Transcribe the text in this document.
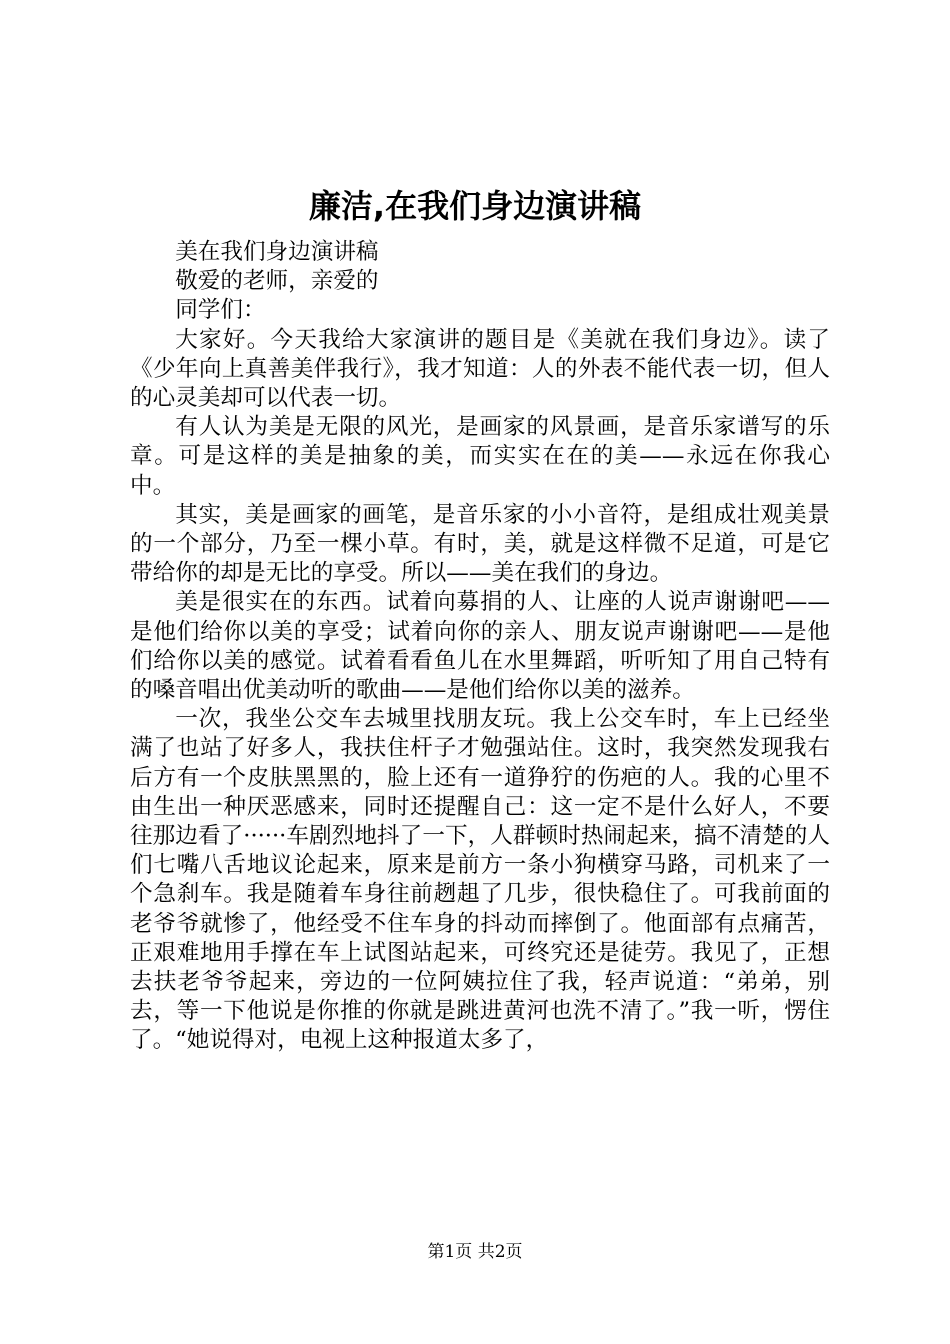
廉洁,在我们身边演讲稿

美在我们身边演讲稿

敬爱的老师，亲爱的

同学们：

大家好。今天我给大家演讲的题目是《美就在我们身边》。读了《少年向上真善美伴我行》，我才知道：人的外表不能代表一切，但人的心灵美却可以代表一切。

有人认为美是无限的风光，是画家的风景画，是音乐家谱写的乐章。可是这样的美是抽象的美，而实实在在的美——永远在你我心中。

其实，美是画家的画笔，是音乐家的小小音符，是组成壮观美景的一个部分，乃至一棵小草。有时，美，就是这样微不足道，可是它带给你的却是无比的享受。所以——美在我们的身边。

美是很实在的东西。试着向募捐的人、让座的人说声谢谢吧——是他们给你以美的享受；试着向你的亲人、朋友说声谢谢吧——是他们给你以美的感觉。试着看看鱼儿在水里舞蹈，听听知了用自己特有的嗓音唱出优美动听的歌曲——是他们给你以美的滋养。

一次，我坐公交车去城里找朋友玩。我上公交车时，车上已经坐满了也站了好多人，我扶住杆子才勉强站住。这时，我突然发现我右后方有一个皮肤黑黑的，脸上还有一道狰狞的伤疤的人。我的心里不由生出一种厌恶感来，同时还提醒自己：这一定不是什么好人，不要往那边看了······车剧烈地抖了一下，人群顿时热闹起来，搞不清楚的人们七嘴八舌地议论起来，原来是前方一条小狗横穿马路，司机来了一个急刹车。我是随着车身往前趔趄了几步，很快稳住了。可我前面的老爷爷就惨了，他经受不住车身的抖动而摔倒了。他面部有点痛苦，正艰难地用手撑在车上试图站起来，可终究还是徒劳。我见了，正想去扶老爷爷起来，旁边的一位阿姨拉住了我，轻声说道：“弟弟，别去，等一下他说是你推的你就是跳进黄河也洗不清了。”我一听，愣住了。“她说得对，电视上这种报道太多了，

第1页 共2页
